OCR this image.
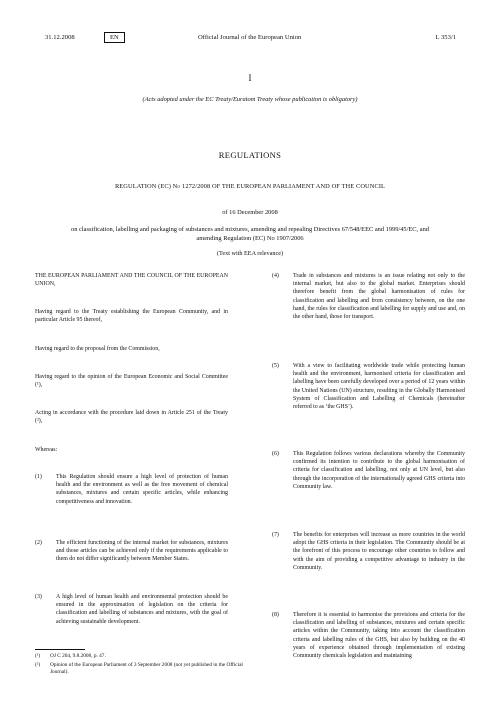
31.12.2008	EN	Official Journal of the European Union	L 353/1
I
(Acts adopted under the EC Treaty/Euratom Treaty whose publication is obligatory)
REGULATIONS
REGULATION (EC) No 1272/2008 OF THE EUROPEAN PARLIAMENT AND OF THE COUNCIL
of 16 December 2008
on classification, labelling and packaging of substances and mixtures, amending and repealing Directives 67/548/EEC and 1999/45/EC, and amending Regulation (EC) No 1907/2006
(Text with EEA relevance)
THE EUROPEAN PARLIAMENT AND THE COUNCIL OF THE EUROPEAN UNION,
Having regard to the Treaty establishing the European Community, and in particular Article 95 thereof,
Having regard to the proposal from the Commission,
Having regard to the opinion of the European Economic and Social Committee (¹),
Acting in accordance with the procedure laid down in Article 251 of the Treaty (²),
Whereas:
(1) This Regulation should ensure a high level of protection of human health and the environment as well as the free movement of chemical substances, mixtures and certain specific articles, while enhancing competitiveness and innovation.
(2) The efficient functioning of the internal market for substances, mixtures and those articles can be achieved only if the requirements applicable to them do not differ significantly between Member States.
(3) A high level of human health and environmental protection should be ensured in the approximation of legislation on the criteria for classification and labelling of substances and mixtures, with the goal of achieving sustainable development.
(4) Trade in substances and mixtures is an issue relating not only to the internal market, but also to the global market. Enterprises should therefore benefit from the global harmonisation of rules for classification and labelling and from consistency between, on the one hand, the rules for classification and labelling for supply and use and, on the other hand, those for transport.
(5) With a view to facilitating worldwide trade while protecting human health and the environment, harmonised criteria for classification and labelling have been carefully developed over a period of 12 years within the United Nations (UN) structure, resulting in the Globally Harmonised System of Classification and Labelling of Chemicals (hereinafter referred to as ‘the GHS’).
(6) This Regulation follows various declarations whereby the Community confirmed its intention to contribute to the global harmonisation of criteria for classification and labelling, not only at UN level, but also through the incorporation of the internationally agreed GHS criteria into Community law.
(7) The benefits for enterprises will increase as more countries in the world adopt the GHS criteria in their legislation. The Community should be at the forefront of this process to encourage other countries to follow and with the aim of providing a competitive advantage to industry in the Community.
(8) Therefore it is essential to harmonise the provisions and criteria for the classification and labelling of substances, mixtures and certain specific articles within the Community, taking into account the classification criteria and labelling rules of the GHS, but also by building on the 40 years of experience obtained through implementation of existing Community chemicals legislation and maintaining
(¹) OJ C 204, 9.8.2008, p. 47.
(²) Opinion of the European Parliament of 3 September 2008 (not yet published in the Official Journal).
